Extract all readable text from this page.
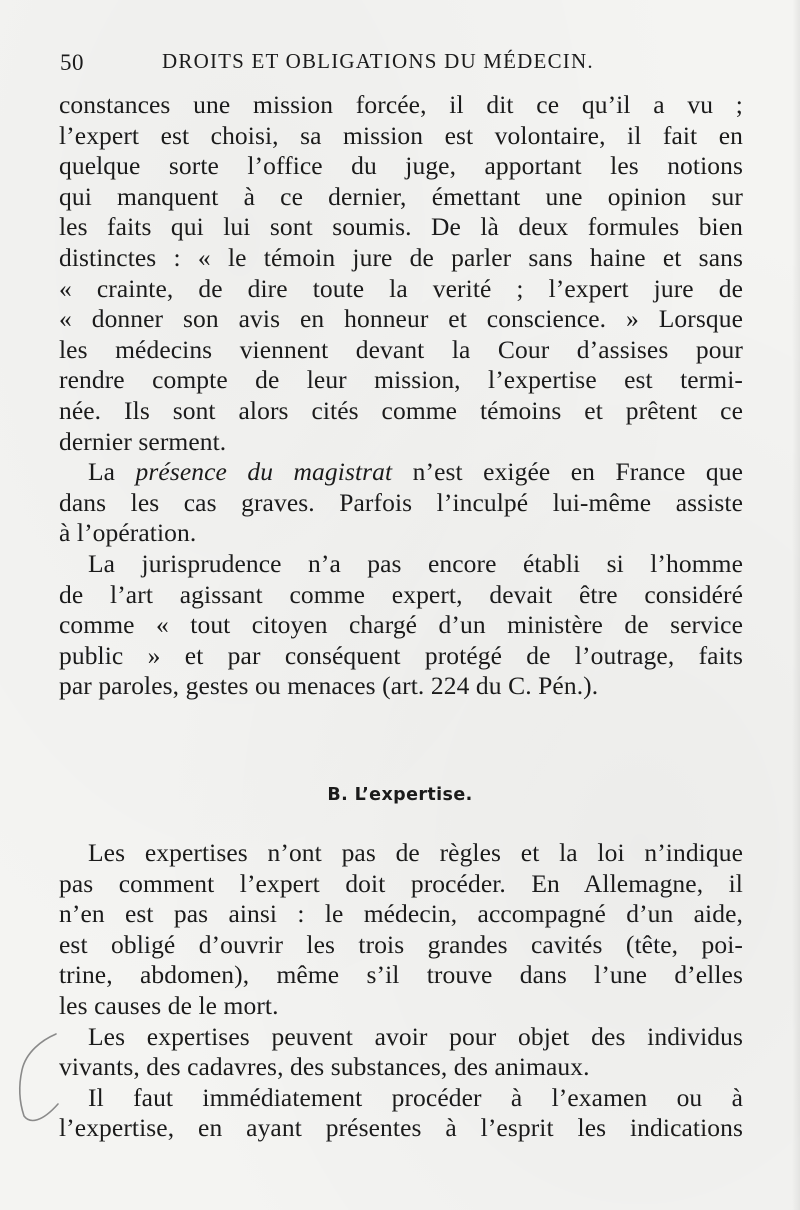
50	DROITS ET OBLIGATIONS DU MÉDECIN.

constances une mission forcée, il dit ce qu’il a vu ;

l’expert est choisi, sa mission est volontaire, il fait en

quelque sorte l’office du juge, apportant les notions

qui manquent à ce dernier, émettant une opinion sur

les faits qui lui sont soumis. De là deux formules bien

distinctes : « le témoin jure de parler sans haine et sans

« crainte, de dire toute la verité ; l’expert jure de

« donner son avis en honneur et conscience. » Lorsque

les médecins viennent devant la Cour d’assises pour

rendre compte de leur mission, l’expertise est termi-

née. Ils sont alors cités comme témoins et prêtent ce

dernier serment.

La présence du magistrat n’est exigée en France que

dans les cas graves. Parfois l’inculpé lui-même assiste

à l’opération.

La jurisprudence n’a pas encore établi si l’homme

de l’art agissant comme expert, devait être considéré

comme « tout citoyen chargé d’un ministère de service

public » et par conséquent protégé de l’outrage, faits

par paroles, gestes ou menaces (art. 224 du C. Pén.).

B. L’expertise.

Les expertises n’ont pas de règles et la loi n’indique

pas comment l’expert doit procéder. En Allemagne, il

n’en est pas ainsi : le médecin, accompagné d’un aide,

est obligé d’ouvrir les trois grandes cavités (tête, poi-

trine, abdomen), même s’il trouve dans l’une d’elles

les causes de le mort.

Les expertises peuvent avoir pour objet des individus

vivants, des cadavres, des substances, des animaux.

Il faut immédiatement procéder à l’examen ou à

l’expertise, en ayant présentes à l’esprit les indications
